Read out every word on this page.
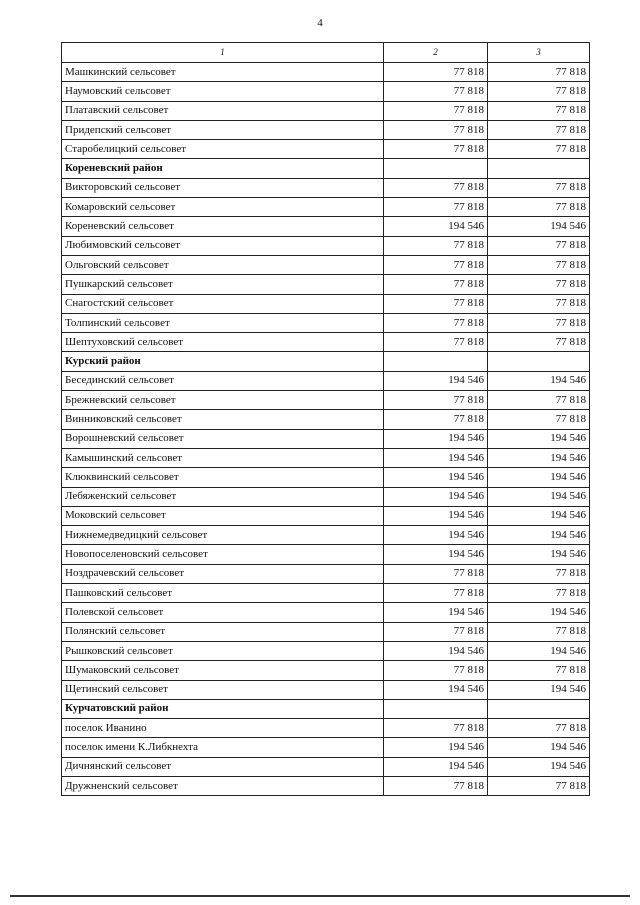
4
1	2	3
Машкинский сельсовет	77 818	77 818
Наумовский сельсовет	77 818	77 818
Платавский сельсовет	77 818	77 818
Придепский сельсовет	77 818	77 818
Старобелицкий сельсовет	77 818	77 818
Кореневский район		
Викторовский сельсовет	77 818	77 818
Комаровский сельсовет	77 818	77 818
Кореневский сельсовет	194 546	194 546
Любимовский сельсовет	77 818	77 818
Ольговский сельсовет	77 818	77 818
Пушкарский сельсовет	77 818	77 818
Снагостский сельсовет	77 818	77 818
Толпинский сельсовет	77 818	77 818
Шептуховский сельсовет	77 818	77 818
Курский район		
Бесединский сельсовет	194 546	194 546
Брежневский сельсовет	77 818	77 818
Винниковский сельсовет	77 818	77 818
Ворошневский сельсовет	194 546	194 546
Камышинский сельсовет	194 546	194 546
Клюквинский сельсовет	194 546	194 546
Лебяженский сельсовет	194 546	194 546
Моковский сельсовет	194 546	194 546
Нижнемедведицкий сельсовет	194 546	194 546
Новопоселеновский сельсовет	194 546	194 546
Ноздрачевский сельсовет	77 818	77 818
Пашковский сельсовет	77 818	77 818
Полевской сельсовет	194 546	194 546
Полянский сельсовет	77 818	77 818
Рышковский сельсовет	194 546	194 546
Шумаковский сельсовет	77 818	77 818
Щетинский сельсовет	194 546	194 546
Курчатовский район		
поселок Иванино	77 818	77 818
поселок имени К.Либкнехта	194 546	194 546
Дичнянский сельсовет	194 546	194 546
Дружненский сельсовет	77 818	77 818
